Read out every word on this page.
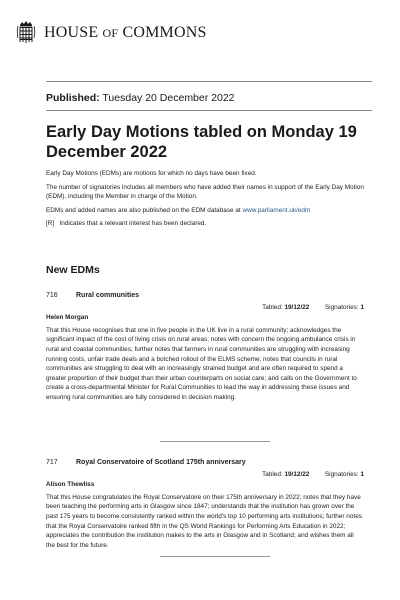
HOUSE OF COMMONS
Published: Tuesday 20 December 2022
Early Day Motions tabled on Monday 19 December 2022

Early Day Motions (EDMs) are motions for which no days have been fixed.

The number of signatories includes all members who have added their names in support of the Early Day Motion (EDM), including the Member in charge of the Motion.

EDMs and added names are also published on the EDM database at www.parliament.uk/edm

[R]   Indicates that a relevant interest has been declared.

New EDMs
716	Rural communities
Tabled: 19/12/22 Signatories: 1
Helen Morgan
That this House recognises that one in five people in the UK live in a rural community; acknowledges the significant impact of the cost of living crisis on rural areas; notes with concern the ongoing ambulance crisis in rural and coastal communities; further notes that farmers in rural communities are struggling with increasing running costs, unfair trade deals and a botched rollout of the ELMS scheme; notes that councils in rural communities are struggling to deal with an increasingly strained budget and are often required to spend a greater proportion of their budget than their urban counterparts on social care; and calls on the Government to create a cross-departmental Minister for Rural Communities to lead the way in addressing these issues and ensuring rural communities are fully considered in decision making.
717	Royal Conservatoire of Scotland 175th anniversary
Tabled: 19/12/22 Signatories: 1
Alison Thewliss
That this House congratulates the Royal Conservatoire on their 175th anniversary in 2022; notes that they have been teaching the performing arts in Glasgow since 1847; understands that the institution has grown over the past 175 years to become consistently ranked within the world's top 10 performing arts institutions; further notes that the Royal Conservatoire ranked fifth in the QS World Rankings for Performing Arts Education in 2022; appreciates the contribution the institution makes to the arts in Glasgow and in Scotland; and wishes them all the best for the future.
